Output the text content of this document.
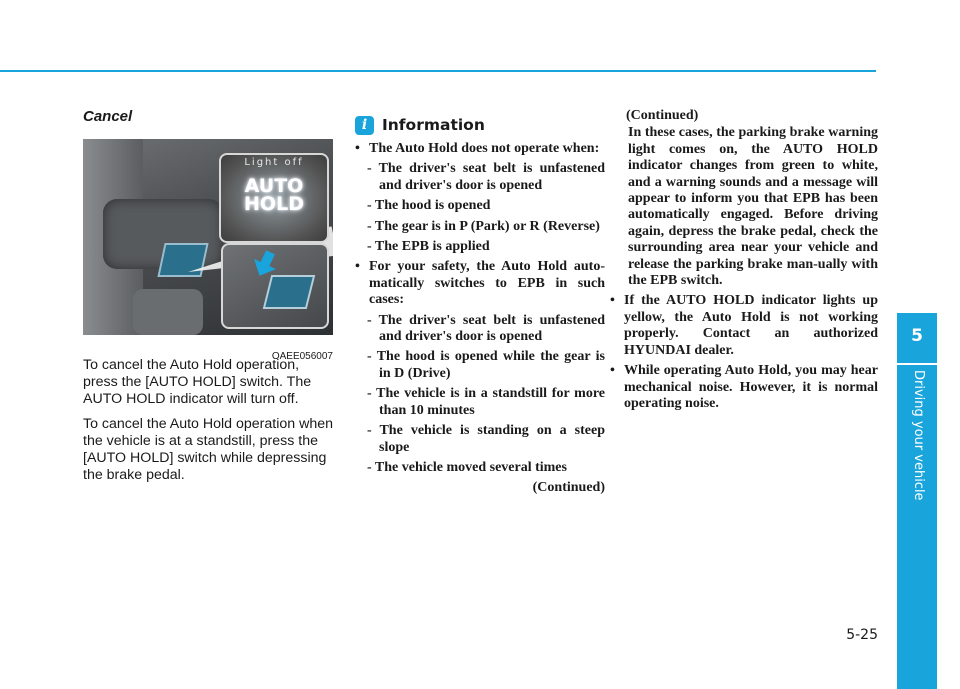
5
Driving your vehicle
5-25
Cancel
Light off
AUTO
HOLD
OAEE056007

To cancel the Auto Hold operation, press the [AUTO HOLD] switch. The AUTO HOLD indicator will turn off.

To cancel the Auto Hold operation when the vehicle is at a standstill, press the [AUTO HOLD] switch while depressing the brake pedal.

i Information

• The Auto Hold does not operate when:

- The driver's seat belt is unfastened and driver's door is opened

- The hood is opened

- The gear is in P (Park) or R (Reverse)

- The EPB is applied

• For your safety, the Auto Hold auto-matically switches to EPB in such cases:

- The driver's seat belt is unfastened and driver's door is opened

- The hood is opened while the gear is in D (Drive)

- The vehicle is in a standstill for more than 10 minutes

- The vehicle is standing on a steep slope

- The vehicle moved several times

(Continued)
(Continued)

In these cases, the parking brake warning light comes on, the AUTO HOLD indicator changes from green to white, and a warning sounds and a message will appear to inform you that EPB has been automatically engaged. Before driving again, depress the brake pedal, check the surrounding area near your vehicle and release the parking brake man-ually with the EPB switch.

• If the AUTO HOLD indicator lights up yellow, the Auto Hold is not working properly. Contact an authorized HYUNDAI dealer.

• While operating Auto Hold, you may hear mechanical noise. However, it is normal operating noise.
